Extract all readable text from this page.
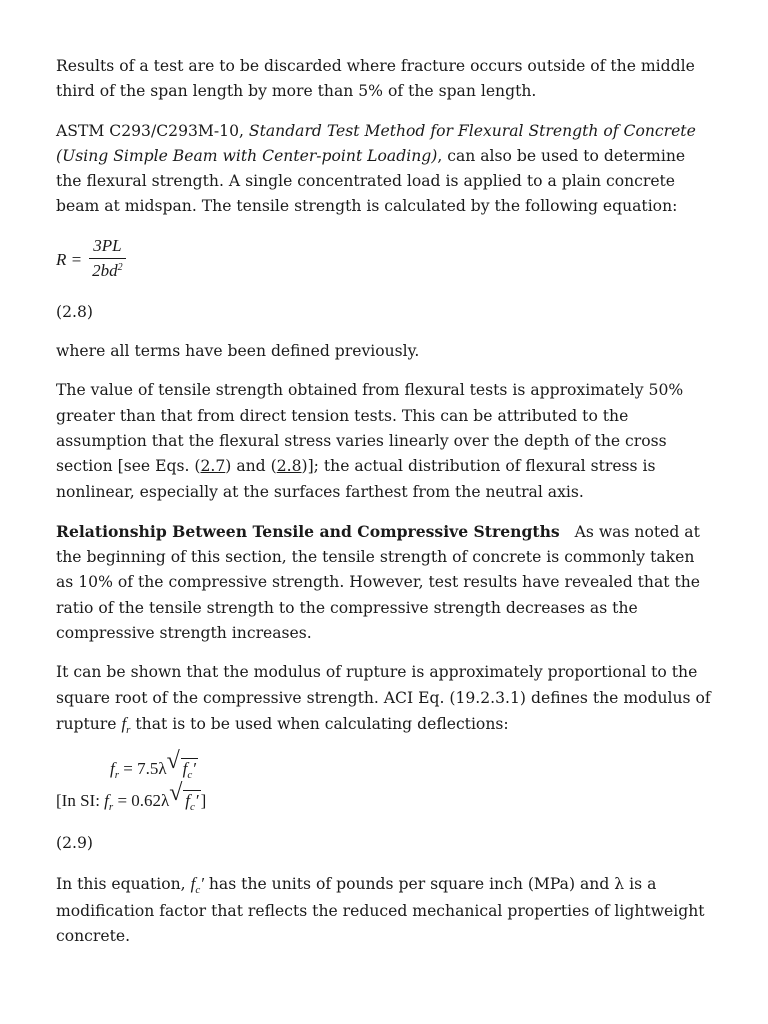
Results of a test are to be discarded where fracture occurs outside of the middle third of the span length by more than 5% of the span length.

ASTM C293/C293M-10, Standard Test Method for Flexural Strength of Concrete (Using Simple Beam with Center-point Loading), can also be used to determine the flexural strength. A single concentrated load is applied to a plain concrete beam at midspan. The tensile strength is calculated by the following equation:

$R = \frac{3PL}{2bd^2}$

(2.8)

where all terms have been defined previously.

The value of tensile strength obtained from flexural tests is approximately 50% greater than that from direct tension tests. This can be attributed to the assumption that the flexural stress varies linearly over the depth of the cross section [see Eqs. (2.7) and (2.8)]; the actual distribution of flexural stress is nonlinear, especially at the surfaces farthest from the neutral axis.

Relationship Between Tensile and Compressive Strengths As was noted at the beginning of this section, the tensile strength of concrete is commonly taken as 10% of the compressive strength. However, test results have revealed that the ratio of the tensile strength to the compressive strength decreases as the compressive strength increases.

It can be shown that the modulus of rupture is approximately proportional to the square root of the compressive strength. ACI Eq. (19.2.3.1) defines the modulus of rupture $f_r$ that is to be used when calculating deflections:

$f_r = 7.5\lambda$ √ $f_c'$
[In SI: $f_r = 0.62\lambda$ √ $f_c'$ ]

(2.9)

In this equation, $f_c'$ has the units of pounds per square inch (MPa) and λ is a modification factor that reflects the reduced mechanical properties of lightweight concrete.
